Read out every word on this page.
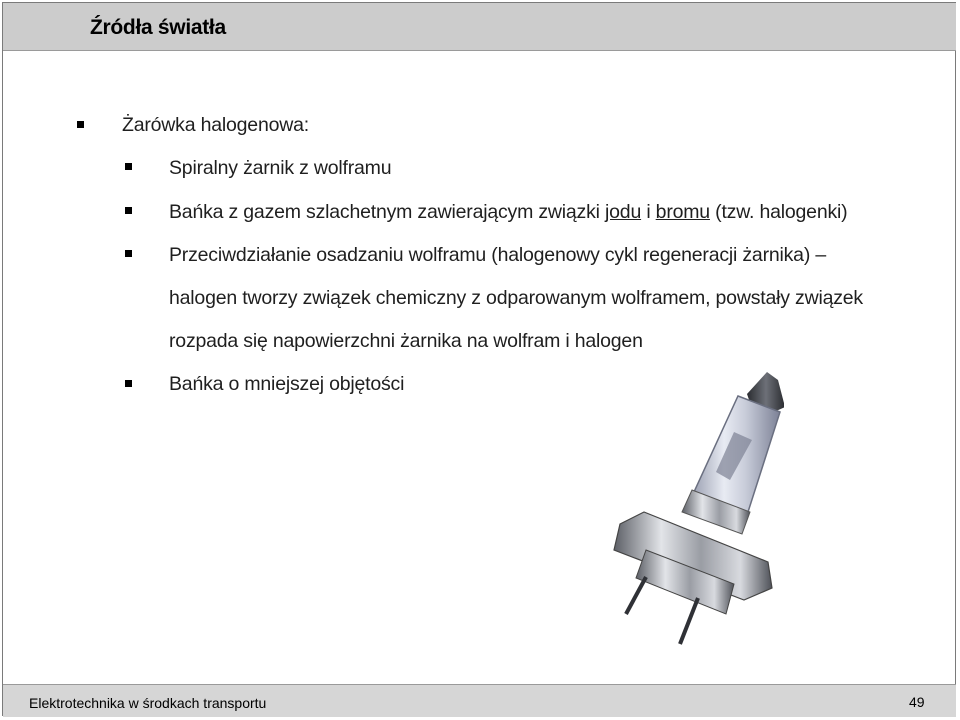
Źródła światła
Żarówka halogenowa:
Spiralny żarnik z wolframu
Bańka z gazem szlachetnym zawierającym związki jodu i bromu (tzw. halogenki)
Przeciwdziałanie osadzaniu wolframu (halogenowy cykl regeneracji żarnika) –
halogen tworzy związek chemiczny z odparowanym wolframem, powstały związek
rozpada się napowierzchni żarnika na wolfram i halogen
Bańka o mniejszej objętości
Elektrotechnika w środkach transportu	49
